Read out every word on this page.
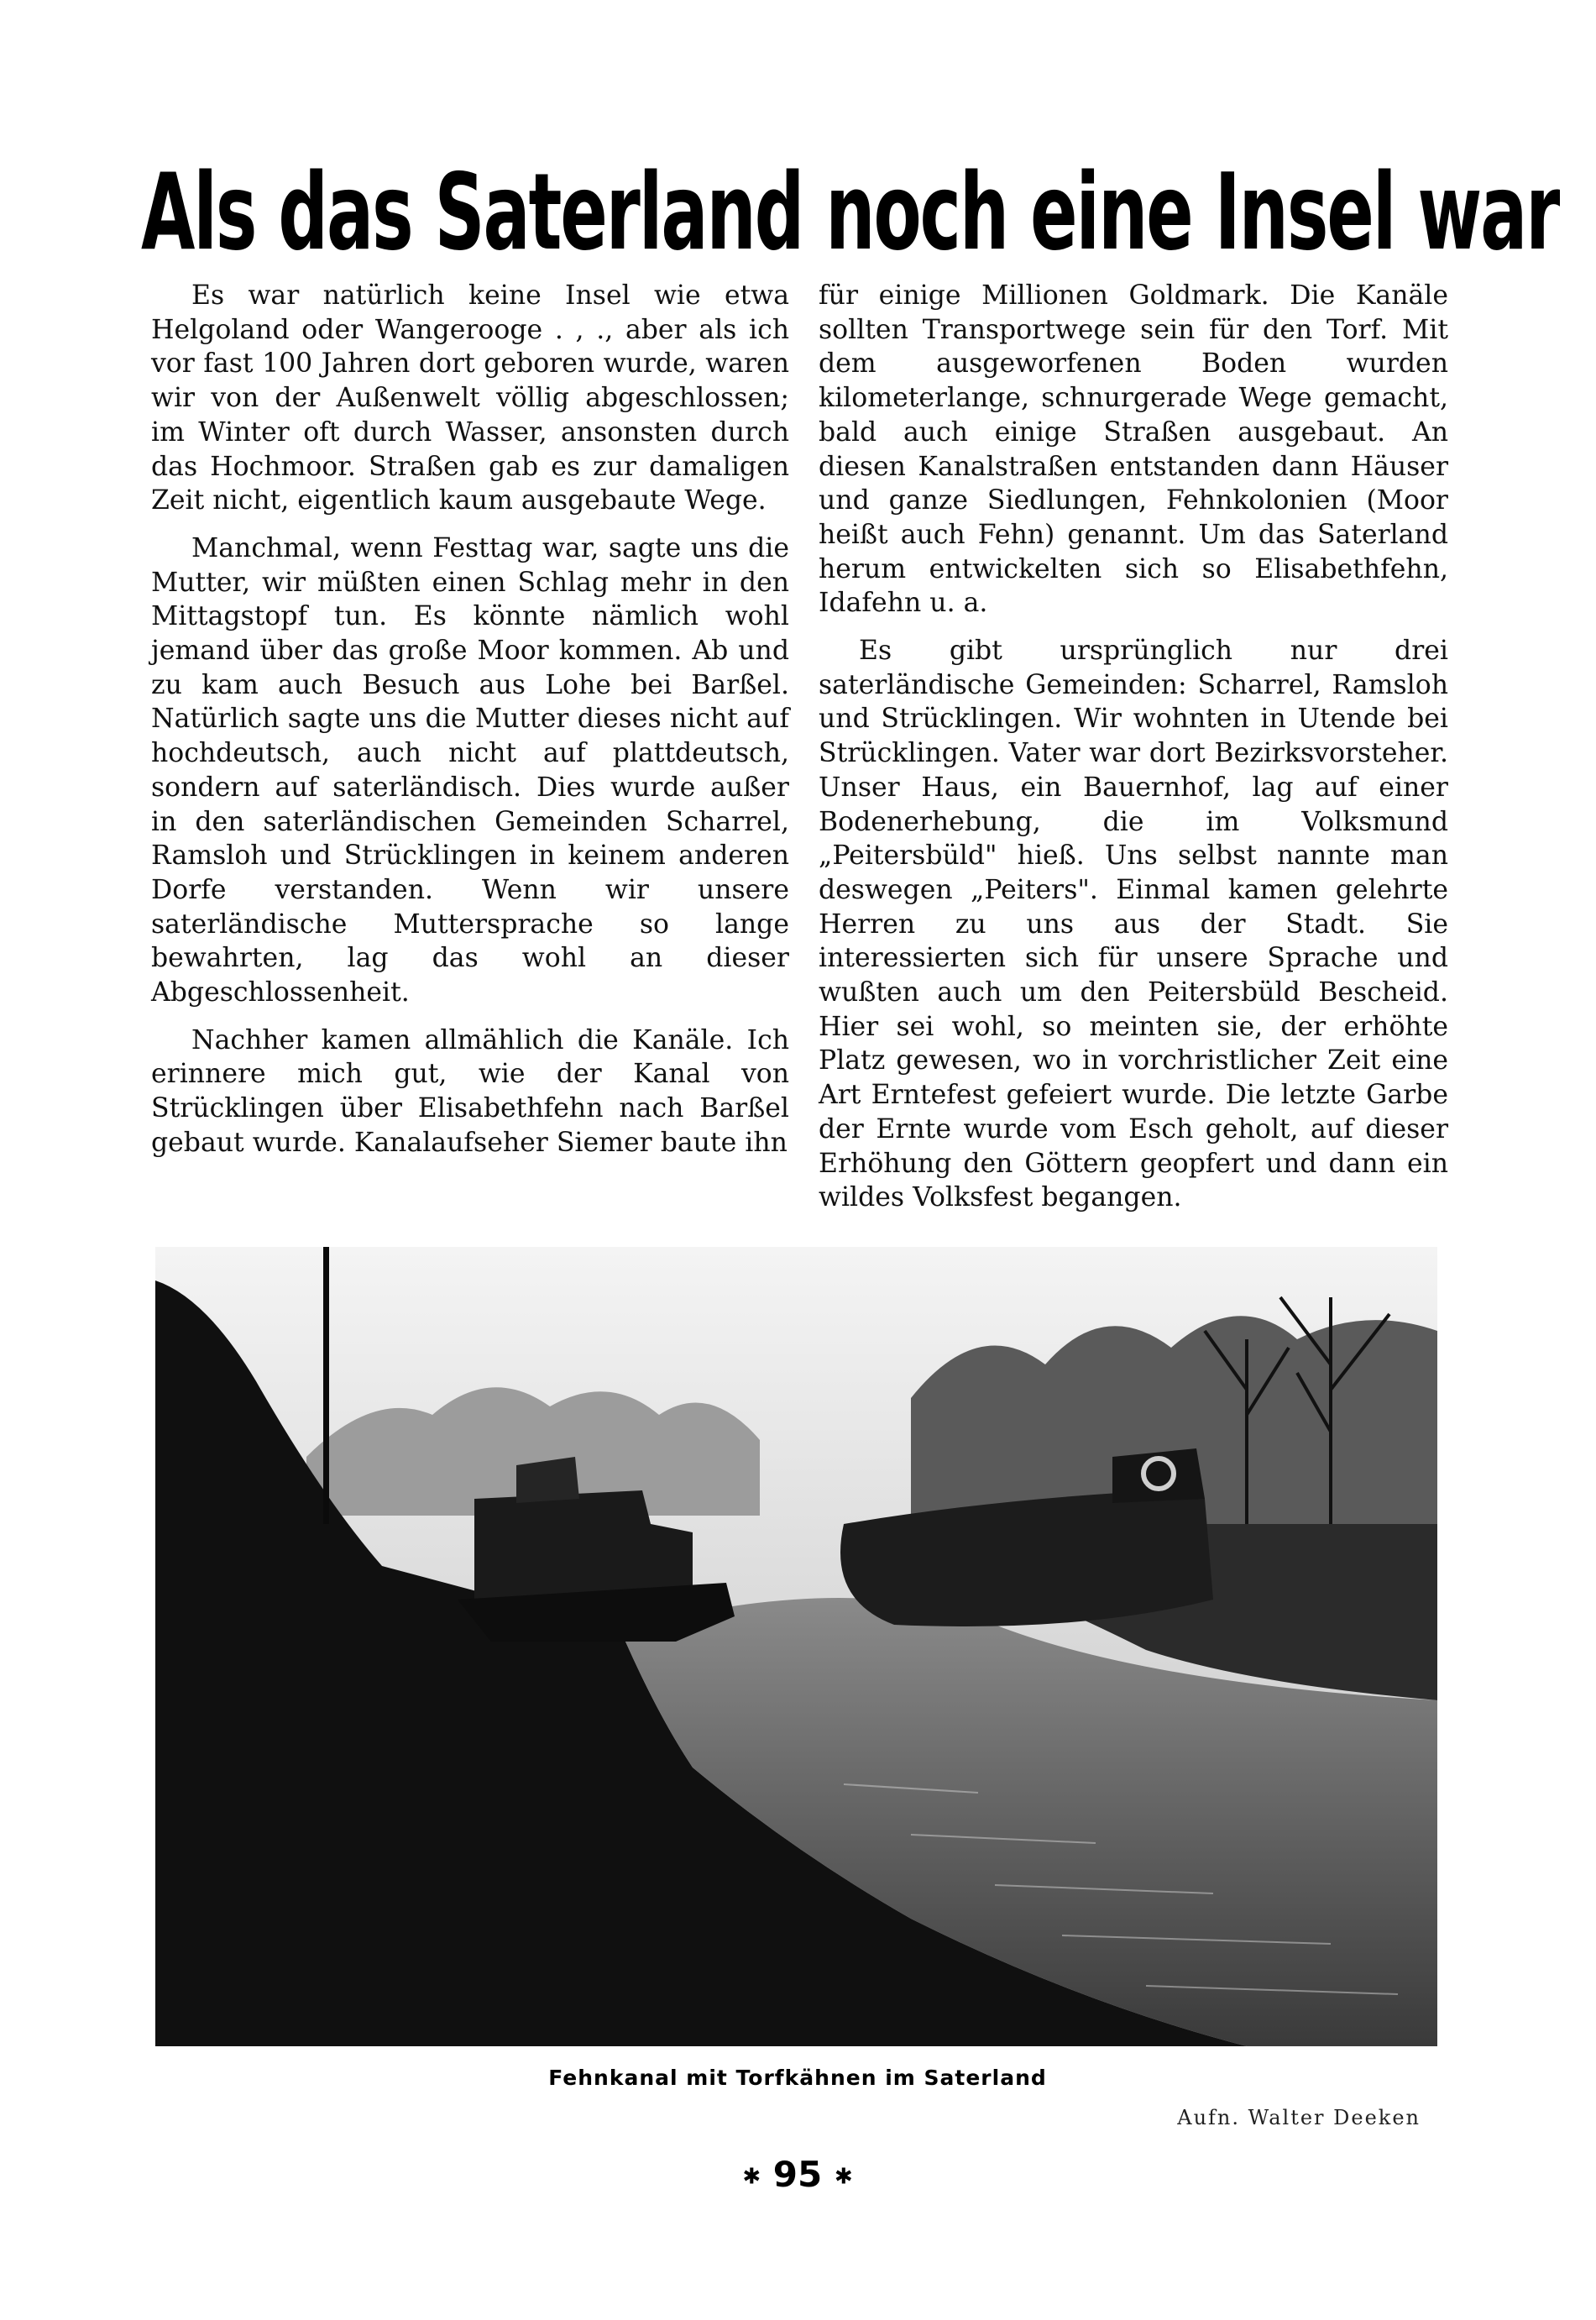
Als das Saterland noch eine Insel war

Es war natürlich keine Insel wie etwa Helgoland oder Wangerooge . , ., aber als ich vor fast 100 Jahren dort geboren wurde, waren wir von der Außenwelt völlig abgeschlossen; im Winter oft durch Wasser, ansonsten durch das Hochmoor. Straßen gab es zur damaligen Zeit nicht, eigentlich kaum ausgebaute Wege.

Manchmal, wenn Festtag war, sagte uns die Mutter, wir müßten einen Schlag mehr in den Mittagstopf tun. Es könnte nämlich wohl jemand über das große Moor kommen. Ab und zu kam auch Besuch aus Lohe bei Barßel. Natürlich sagte uns die Mutter dieses nicht auf hochdeutsch, auch nicht auf plattdeutsch, sondern auf saterländisch. Dies wurde außer in den saterländischen Gemeinden Scharrel, Ramsloh und Strücklingen in keinem anderen Dorfe verstanden. Wenn wir unsere saterländische Muttersprache so lange bewahrten, lag das wohl an dieser Abgeschlossenheit.

Nachher kamen allmählich die Kanäle. Ich erinnere mich gut, wie der Kanal von Strücklingen über Elisabethfehn nach Barßel gebaut wurde. Kanalaufseher Siemer baute ihn

für einige Millionen Goldmark. Die Kanäle sollten Transportwege sein für den Torf. Mit dem ausgeworfenen Boden wurden kilometerlange, schnurgerade Wege gemacht, bald auch einige Straßen ausgebaut. An diesen Kanalstraßen entstanden dann Häuser und ganze Siedlungen, Fehnkolonien (Moor heißt auch Fehn) genannt. Um das Saterland herum entwickelten sich so Elisabethfehn, Idafehn u. a.

Es gibt ursprünglich nur drei saterländische Gemeinden: Scharrel, Ramsloh und Strücklingen. Wir wohnten in Utende bei Strücklingen. Vater war dort Bezirksvorsteher. Unser Haus, ein Bauernhof, lag auf einer Bodenerhebung, die im Volksmund „Peitersbüld" hieß. Uns selbst nannte man deswegen „Peiters". Einmal kamen gelehrte Herren zu uns aus der Stadt. Sie interessierten sich für unsere Sprache und wußten auch um den Peitersbüld Bescheid. Hier sei wohl, so meinten sie, der erhöhte Platz gewesen, wo in vorchristlicher Zeit eine Art Erntefest gefeiert wurde. Die letzte Garbe der Ernte wurde vom Esch geholt, auf dieser Erhöhung den Göttern geopfert und dann ein wildes Volksfest begangen.

Fehnkanal mit Torfkähnen im Saterland
Aufn. Walter Deeken
✱ 95 ✱
